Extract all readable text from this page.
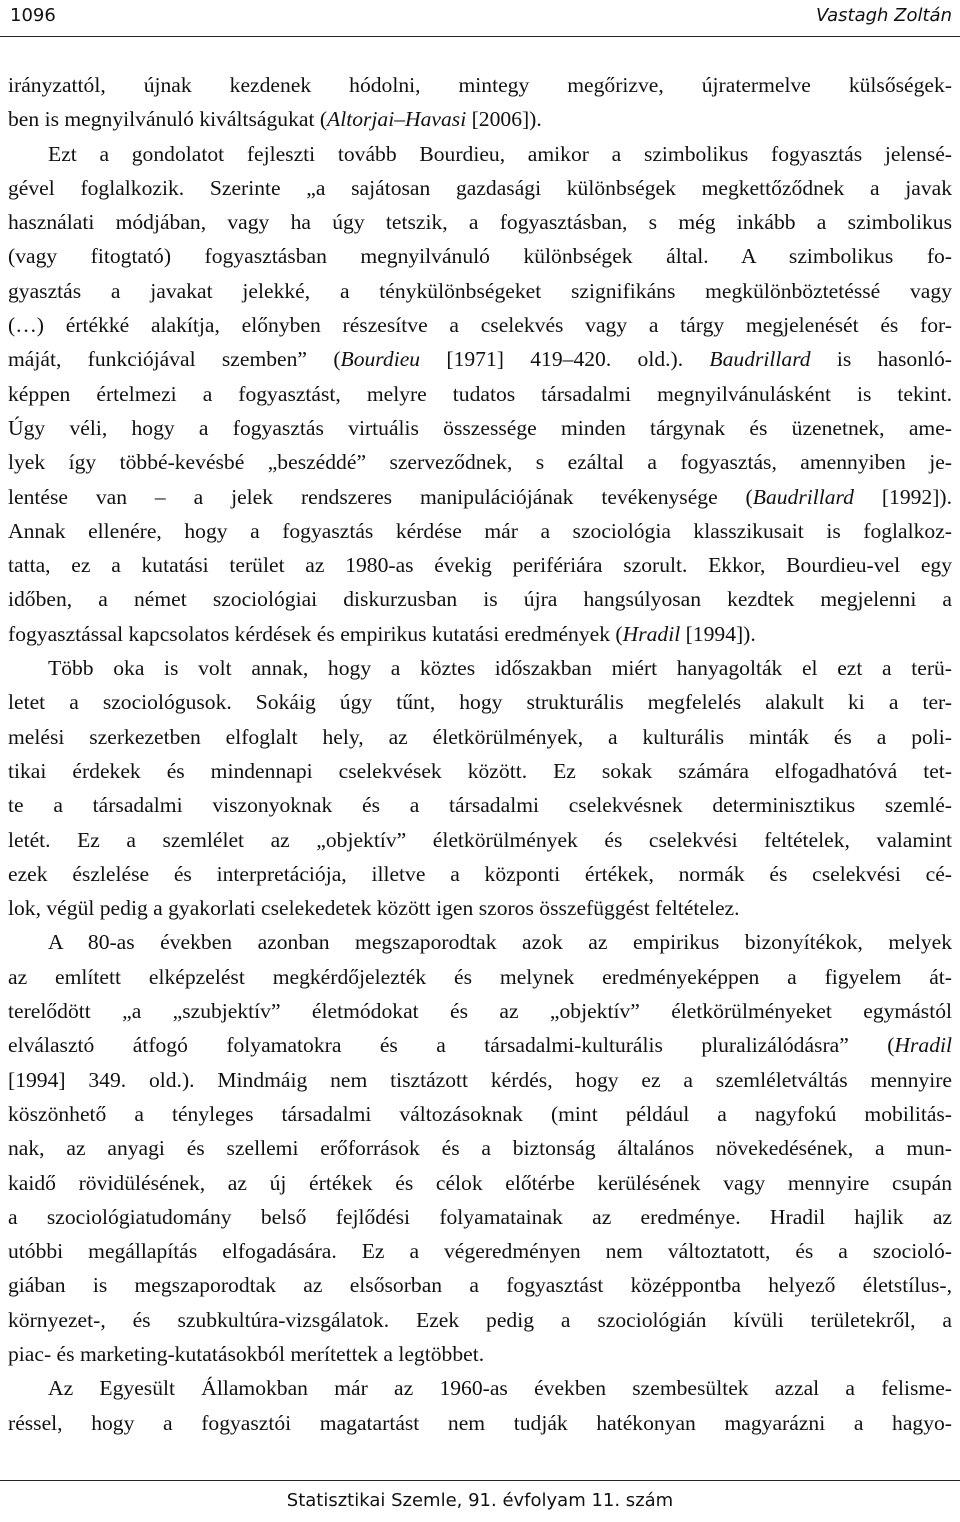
1096	Vastagh Zoltán
irányzattól, újnak kezdenek hódolni, mintegy megőrizve, újratermelve külsőségek-
ben is megnyilvánuló kiváltságukat (Altorjai–Havasi [2006]).
Ezt a gondolatot fejleszti tovább Bourdieu, amikor a szimbolikus fogyasztás jelensé-
gével foglalkozik. Szerinte „a sajátosan gazdasági különbségek megkettőződnek a javak
használati módjában, vagy ha úgy tetszik, a fogyasztásban, s még inkább a szimbolikus
(vagy fitogtató) fogyasztásban megnyilvánuló különbségek által. A szimbolikus fo-
gyasztás a javakat jelekké, a ténykülönbségeket szignifikáns megkülönböztetéssé vagy
(…) értékké alakítja, előnyben részesítve a cselekvés vagy a tárgy megjelenését és for-
máját, funkciójával szemben” (Bourdieu [1971] 419–420. old.). Baudrillard is hasonló-
képpen értelmezi a fogyasztást, melyre tudatos társadalmi megnyilvánulásként is tekint.
Úgy véli, hogy a fogyasztás virtuális összessége minden tárgynak és üzenetnek, ame-
lyek így többé-kevésbé „beszéddé” szerveződnek, s ezáltal a fogyasztás, amennyiben je-
lentése van – a jelek rendszeres manipulációjának tevékenysége (Baudrillard [1992]).
Annak ellenére, hogy a fogyasztás kérdése már a szociológia klasszikusait is foglalkoz-
tatta, ez a kutatási terület az 1980-as évekig perifériára szorult. Ekkor, Bourdieu-vel egy
időben, a német szociológiai diskurzusban is újra hangsúlyosan kezdtek megjelenni a
fogyasztással kapcsolatos kérdések és empirikus kutatási eredmények (Hradil [1994]).
Több oka is volt annak, hogy a köztes időszakban miért hanyagolták el ezt a terü-
letet a szociológusok. Sokáig úgy tűnt, hogy strukturális megfelelés alakult ki a ter-
melési szerkezetben elfoglalt hely, az életkörülmények, a kulturális minták és a poli-
tikai érdekek és mindennapi cselekvések között. Ez sokak számára elfogadhatóvá tet-
te a társadalmi viszonyoknak és a társadalmi cselekvésnek determinisztikus szemlé-
letét. Ez a szemlélet az „objektív” életkörülmények és cselekvési feltételek, valamint
ezek észlelése és interpretációja, illetve a központi értékek, normák és cselekvési cé-
lok, végül pedig a gyakorlati cselekedetek között igen szoros összefüggést feltételez.
A 80-as években azonban megszaporodtak azok az empirikus bizonyítékok, melyek
az említett elképzelést megkérdőjelezték és melynek eredményeképpen a figyelem át-
terelődött „a „szubjektív” életmódokat és az „objektív” életkörülményeket egymástól
elválasztó átfogó folyamatokra és a társadalmi-kulturális pluralizálódásra” (Hradil
[1994] 349. old.). Mindmáig nem tisztázott kérdés, hogy ez a szemléletváltás mennyire
köszönhető a tényleges társadalmi változásoknak (mint például a nagyfokú mobilitás-
nak, az anyagi és szellemi erőforrások és a biztonság általános növekedésének, a mun-
kaidő rövidülésének, az új értékek és célok előtérbe kerülésének vagy mennyire csupán
a szociológiatudomány belső fejlődési folyamatainak az eredménye. Hradil hajlik az
utóbbi megállapítás elfogadására. Ez a végeredményen nem változtatott, és a szocioló-
giában is megszaporodtak az elsősorban a fogyasztást középpontba helyező életstílus-,
környezet-, és szubkultúra-vizsgálatok. Ezek pedig a szociológián kívüli területekről, a
piac- és marketing-kutatásokból merítettek a legtöbbet.
Az Egyesült Államokban már az 1960-as években szembesültek azzal a felisme-
réssel, hogy a fogyasztói magatartást nem tudják hatékonyan magyarázni a hagyo-
Statisztikai Szemle, 91. évfolyam 11. szám
